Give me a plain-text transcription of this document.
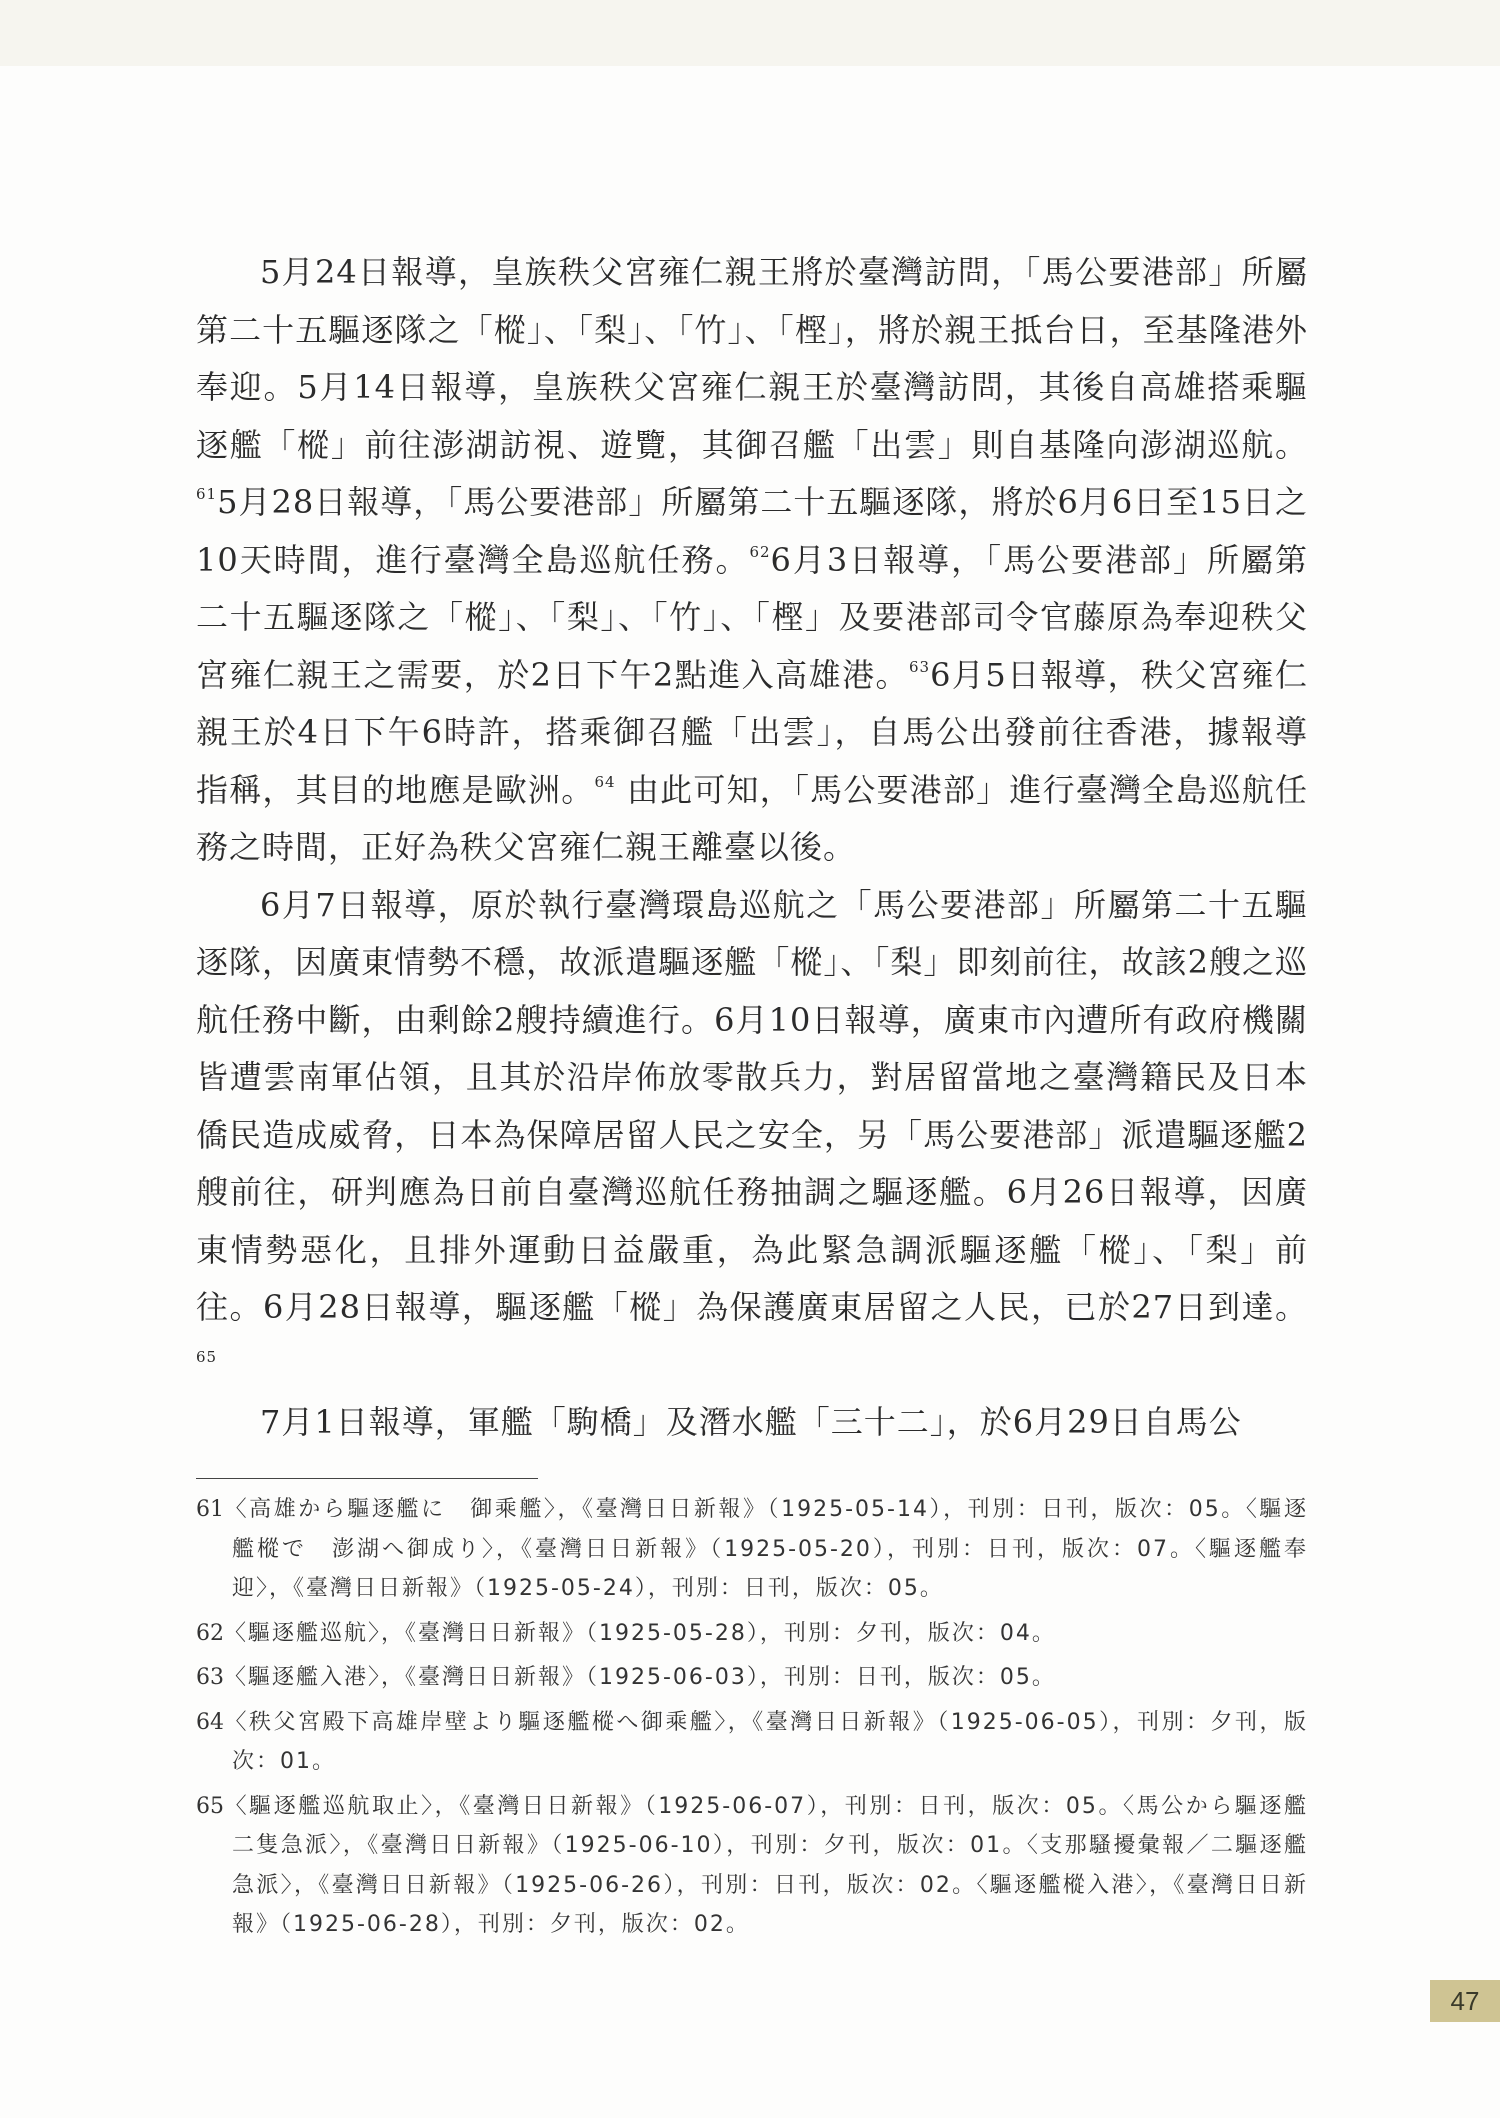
5月24日報導，皇族秩父宮雍仁親王將於臺灣訪問，「馬公要港部」所屬第二十五驅逐隊之「樅」、「梨」、「竹」、「樫」，將於親王抵台日，至基隆港外奉迎。5月14日報導，皇族秩父宮雍仁親王於臺灣訪問，其後自高雄搭乘驅逐艦「樅」前往澎湖訪視、遊覽，其御召艦「出雲」則自基隆向澎湖巡航。$^{61}$5月28日報導，「馬公要港部」所屬第二十五驅逐隊，將於6月6日至15日之10天時間，進行臺灣全島巡航任務。$^{62}$6月3日報導，「馬公要港部」所屬第二十五驅逐隊之「樅」、「梨」、「竹」、「樫」及要港部司令官藤原為奉迎秩父宮雍仁親王之需要，於2日下午2點進入高雄港。$^{63}$6月5日報導，秩父宮雍仁親王於4日下午6時許，搭乘御召艦「出雲」，自馬公出發前往香港，據報導指稱，其目的地應是歐洲。$^{64}$ 由此可知，「馬公要港部」進行臺灣全島巡航任務之時間，正好為秩父宮雍仁親王離臺以後。

6月7日報導，原於執行臺灣環島巡航之「馬公要港部」所屬第二十五驅逐隊，因廣東情勢不穩，故派遣驅逐艦「樅」、「梨」即刻前往，故該2艘之巡航任務中斷，由剩餘2艘持續進行。6月10日報導，廣東市內遭所有政府機關皆遭雲南軍佔領，且其於沿岸佈放零散兵力，對居留當地之臺灣籍民及日本僑民造成威脅，日本為保障居留人民之安全，另「馬公要港部」派遣驅逐艦2艘前往，研判應為日前自臺灣巡航任務抽調之驅逐艦。6月26日報導，因廣東情勢惡化，且排外運動日益嚴重，為此緊急調派驅逐艦「樅」、「梨」前往。6月28日報導，驅逐艦「樅」為保護廣東居留之人民，已於27日到達。$^{65}$

7月1日報導，軍艦「駒橋」及潛水艦「三十二」，於6月29日自馬公

61〈高雄から驅逐艦に　御乘艦〉，《臺灣日日新報》（1925-05-14），刊別：日刊，版次：05。〈驅逐艦樅で　澎湖へ御成り〉，《臺灣日日新報》（1925-05-20），刊別：日刊，版次：07。〈驅逐艦奉迎〉，《臺灣日日新報》（1925-05-24），刊別：日刊，版次：05。

62〈驅逐艦巡航〉，《臺灣日日新報》（1925-05-28），刊別：夕刊，版次：04。

63〈驅逐艦入港〉，《臺灣日日新報》（1925-06-03），刊別：日刊，版次：05。

64〈秩父宮殿下高雄岸壁より驅逐艦樅へ御乘艦〉，《臺灣日日新報》（1925-06-05），刊別：夕刊，版次：01。

65〈驅逐艦巡航取止〉，《臺灣日日新報》（1925-06-07），刊別：日刊，版次：05。〈馬公から驅逐艦　二隻急派〉，《臺灣日日新報》（1925-06-10），刊別：夕刊，版次：01。〈支那騷擾彙報／二驅逐艦　急派〉，《臺灣日日新報》（1925-06-26），刊別：日刊，版次：02。〈驅逐艦樅入港〉，《臺灣日日新報》（1925-06-28），刊別：夕刊，版次：02。

47
